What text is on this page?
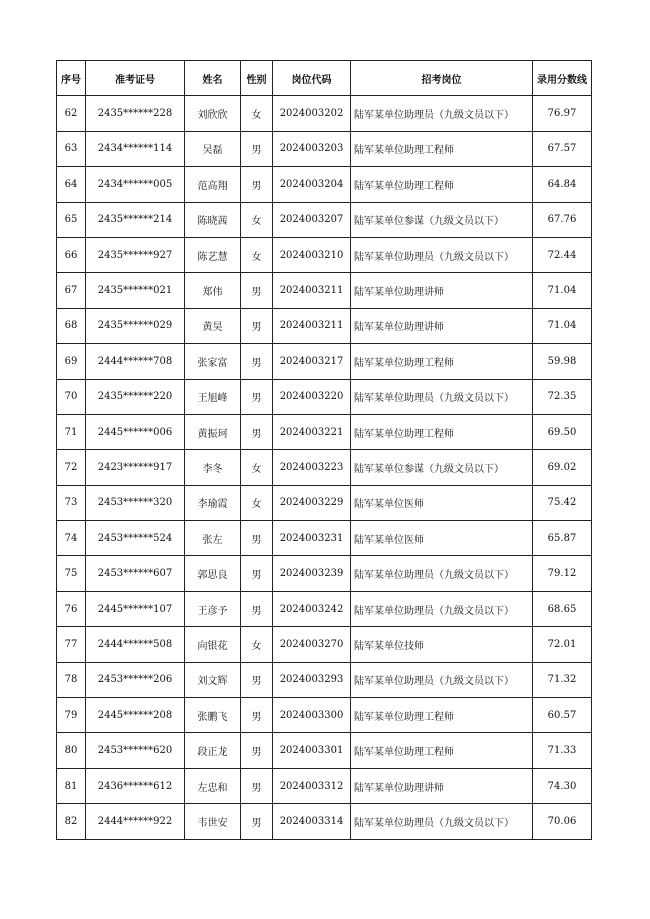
序号	准考证号	姓名	性别	岗位代码	招考岗位	录用分数线
62	2435******228	刘欣欣	女	2024003202	陆军某单位助理员（九级文员以下）	76.97
63	2434******114	吴磊	男	2024003203	陆军某单位助理工程师	67.57
64	2434******005	范高翔	男	2024003204	陆军某单位助理工程师	64.84
65	2435******214	陈晓茜	女	2024003207	陆军某单位参谋（九级文员以下）	67.76
66	2435******927	陈艺慧	女	2024003210	陆军某单位助理员（九级文员以下）	72.44
67	2435******021	郑伟	男	2024003211	陆军某单位助理讲师	71.04
68	2435******029	黄昊	男	2024003211	陆军某单位助理讲师	71.04
69	2444******708	张家富	男	2024003217	陆军某单位助理工程师	59.98
70	2435******220	王旭峰	男	2024003220	陆军某单位助理员（九级文员以下）	72.35
71	2445******006	黄振珂	男	2024003221	陆军某单位助理工程师	69.50
72	2423******917	李冬	女	2024003223	陆军某单位参谋（九级文员以下）	69.02
73	2453******320	李瑜霞	女	2024003229	陆军某单位医师	75.42
74	2453******524	张左	男	2024003231	陆军某单位医师	65.87
75	2453******607	郭思良	男	2024003239	陆军某单位助理员（九级文员以下）	79.12
76	2445******107	王彦予	男	2024003242	陆军某单位助理员（九级文员以下）	68.65
77	2444******508	向银花	女	2024003270	陆军某单位技师	72.01
78	2453******206	刘文辉	男	2024003293	陆军某单位助理员（九级文员以下）	71.32
79	2445******208	张鹏飞	男	2024003300	陆军某单位助理工程师	60.57
80	2453******620	段正龙	男	2024003301	陆军某单位助理工程师	71.33
81	2436******612	左忠和	男	2024003312	陆军某单位助理讲师	74.30
82	2444******922	韦世安	男	2024003314	陆军某单位助理员（九级文员以下）	70.06
